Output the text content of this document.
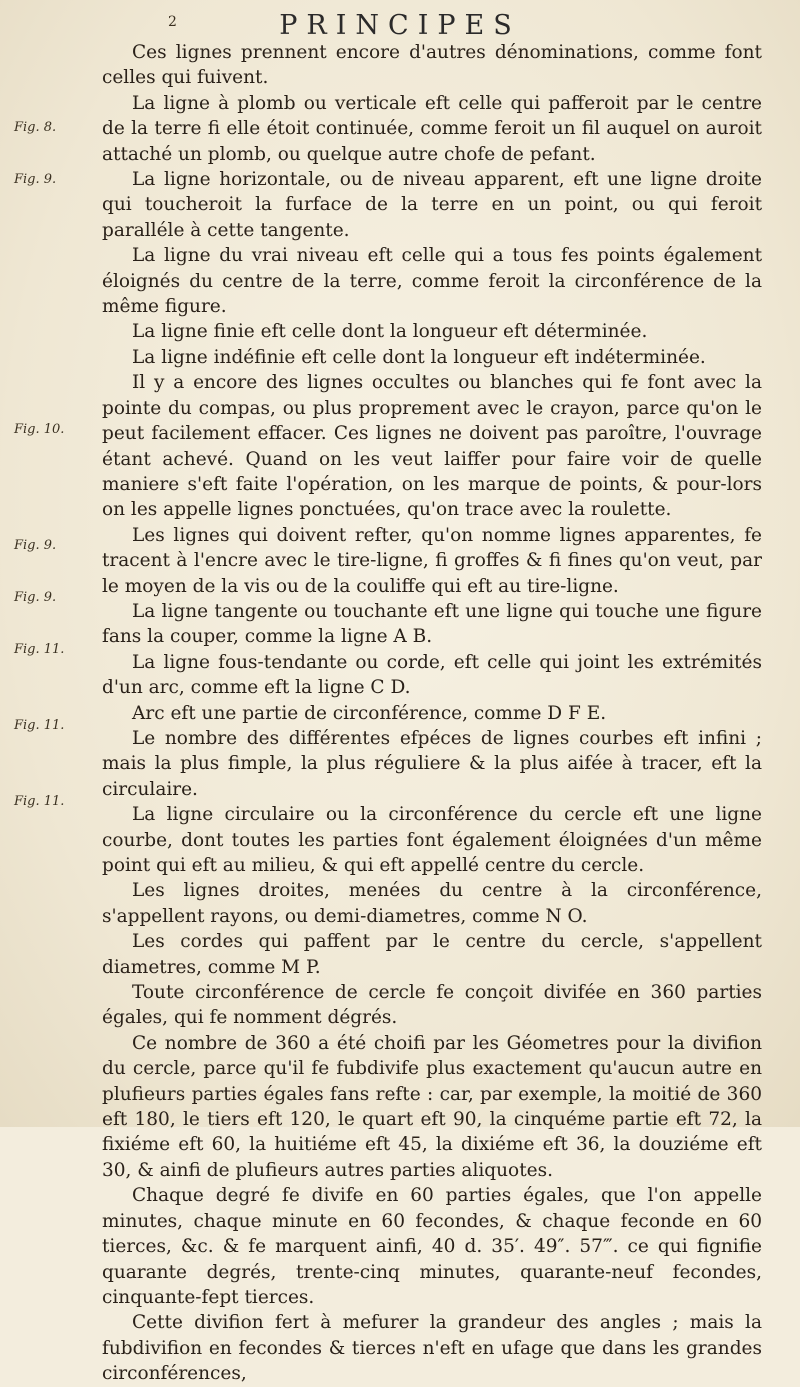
2	PRINCIPES
Fig. 8.
Fig. 9.
Fig. 10.
Fig. 9.
Fig. 9.
Fig. 11.
Fig. 11.
Fig. 11.

Ces lignes prennent encore d'autres dénominations, comme font celles qui fuivent.

La ligne à plomb ou verticale eft celle qui pafferoit par le centre de la terre fi elle étoit continuée, comme feroit un fil auquel on auroit attaché un plomb, ou quelque autre chofe de pefant.

La ligne horizontale, ou de niveau apparent, eft une ligne droite qui toucheroit la furface de la terre en un point, ou qui feroit paralléle à cette tangente.

La ligne du vrai niveau eft celle qui a tous fes points également éloignés du centre de la terre, comme feroit la circonférence de la même figure.

La ligne finie eft celle dont la longueur eft déterminée.

La ligne indéfinie eft celle dont la longueur eft indéterminée.

Il y a encore des lignes occultes ou blanches qui fe font avec la pointe du compas, ou plus proprement avec le crayon, parce qu'on le peut facilement effacer. Ces lignes ne doivent pas paroître, l'ouvrage étant achevé. Quand on les veut laiffer pour faire voir de quelle maniere s'eft faite l'opération, on les marque de points, & pour-lors on les appelle lignes ponctuées, qu'on trace avec la roulette.

Les lignes qui doivent refter, qu'on nomme lignes apparentes, fe tracent à l'encre avec le tire-ligne, fi groffes & fi fines qu'on veut, par le moyen de la vis ou de la couliffe qui eft au tire-ligne.

La ligne tangente ou touchante eft une ligne qui touche une figure fans la couper, comme la ligne A B.

La ligne fous-tendante ou corde, eft celle qui joint les extrémités d'un arc, comme eft la ligne C D.

Arc eft une partie de circonférence, comme D F E.

Le nombre des différentes efpéces de lignes courbes eft infini ; mais la plus fimple, la plus réguliere & la plus aifée à tracer, eft la circulaire.

La ligne circulaire ou la circonférence du cercle eft une ligne courbe, dont toutes les parties font également éloignées d'un même point qui eft au milieu, & qui eft appellé centre du cercle.

Les lignes droites, menées du centre à la circonférence, s'appellent rayons, ou demi-diametres, comme N O.

Les cordes qui paffent par le centre du cercle, s'appellent diametres, comme M P.

Toute circonférence de cercle fe conçoit divifée en 360 parties égales, qui fe nomment dégrés.

Ce nombre de 360 a été choifi par les Géometres pour la divifion du cercle, parce qu'il fe fubdivife plus exactement qu'aucun autre en plufieurs parties égales fans refte : car, par exemple, la moitié de 360 eft 180, le tiers eft 120, le quart eft 90, la cinquéme partie eft 72, la fixiéme eft 60, la huitiéme eft 45, la dixiéme eft 36, la douziéme eft 30, & ainfi de plufieurs autres parties aliquotes.

Chaque degré fe divife en 60 parties égales, que l'on appelle minutes, chaque minute en 60 fecondes, & chaque feconde en 60 tierces, &c. & fe marquent ainfi, 40 d. 35′. 49″. 57‴. ce qui fignifie quarante degrés, trente-cinq minutes, quarante-neuf fecondes, cinquante-fept tierces.

Cette divifion fert à mefurer la grandeur des angles ; mais la fubdivifion en fecondes & tierces n'eft en ufage que dans les grandes circonférences,
